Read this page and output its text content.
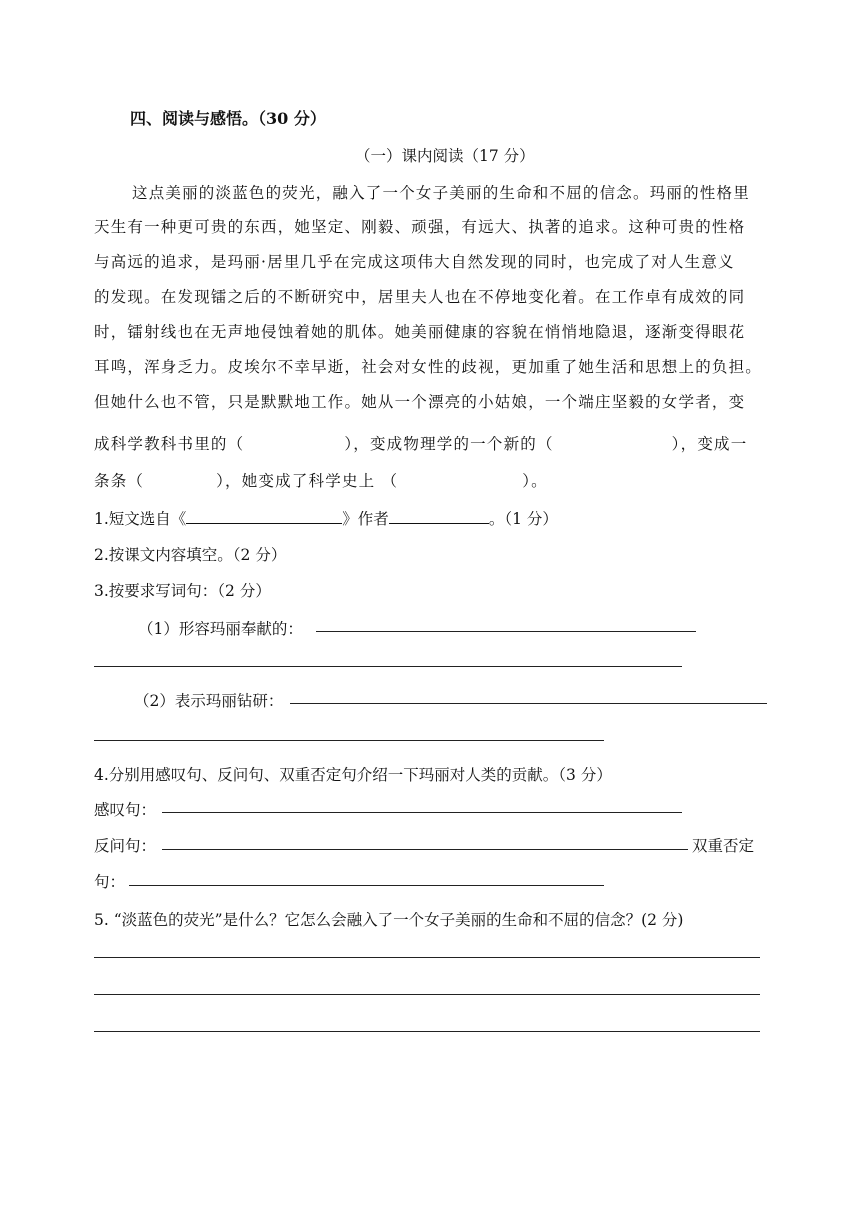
四、阅读与感悟。（30 分）
（一）课内阅读（17 分）
这点美丽的淡蓝色的荧光，融入了一个女子美丽的生命和不屈的信念。玛丽的性格里
天生有一种更可贵的东西，她坚定、刚毅、顽强，有远大、执著的追求。这种可贵的性格
与高远的追求，是玛丽·居里几乎在完成这项伟大自然发现的同时，也完成了对人生意义
的发现。在发现镭之后的不断研究中，居里夫人也在不停地变化着。在工作卓有成效的同
时，镭射线也在无声地侵蚀着她的肌体。她美丽健康的容貌在悄悄地隐退，逐渐变得眼花
耳鸣，浑身乏力。皮埃尔不幸早逝，社会对女性的歧视，更加重了她生活和思想上的负担。
但她什么也不管，只是默默地工作。她从一个漂亮的小姑娘，一个端庄坚毅的女学者，变
成科学教科书里的（	），变成物理学的一个新的（	），变成一
条条（	），她变成了科学史上 （	）。
1.短文选自《	》作者	。（1 分）
2.按课文内容填空。（2 分）
3.按要求写词句：（2 分）
（1）形容玛丽奉献的：
（2）表示玛丽钻研：
4.分别用感叹句、反问句、双重否定句介绍一下玛丽对人类的贡献。（3 分）
感叹句：
反问句：	双重否定
句：
5. “淡蓝色的荧光”是什么？它怎么会融入了一个女子美丽的生命和不屈的信念？(2 分)
